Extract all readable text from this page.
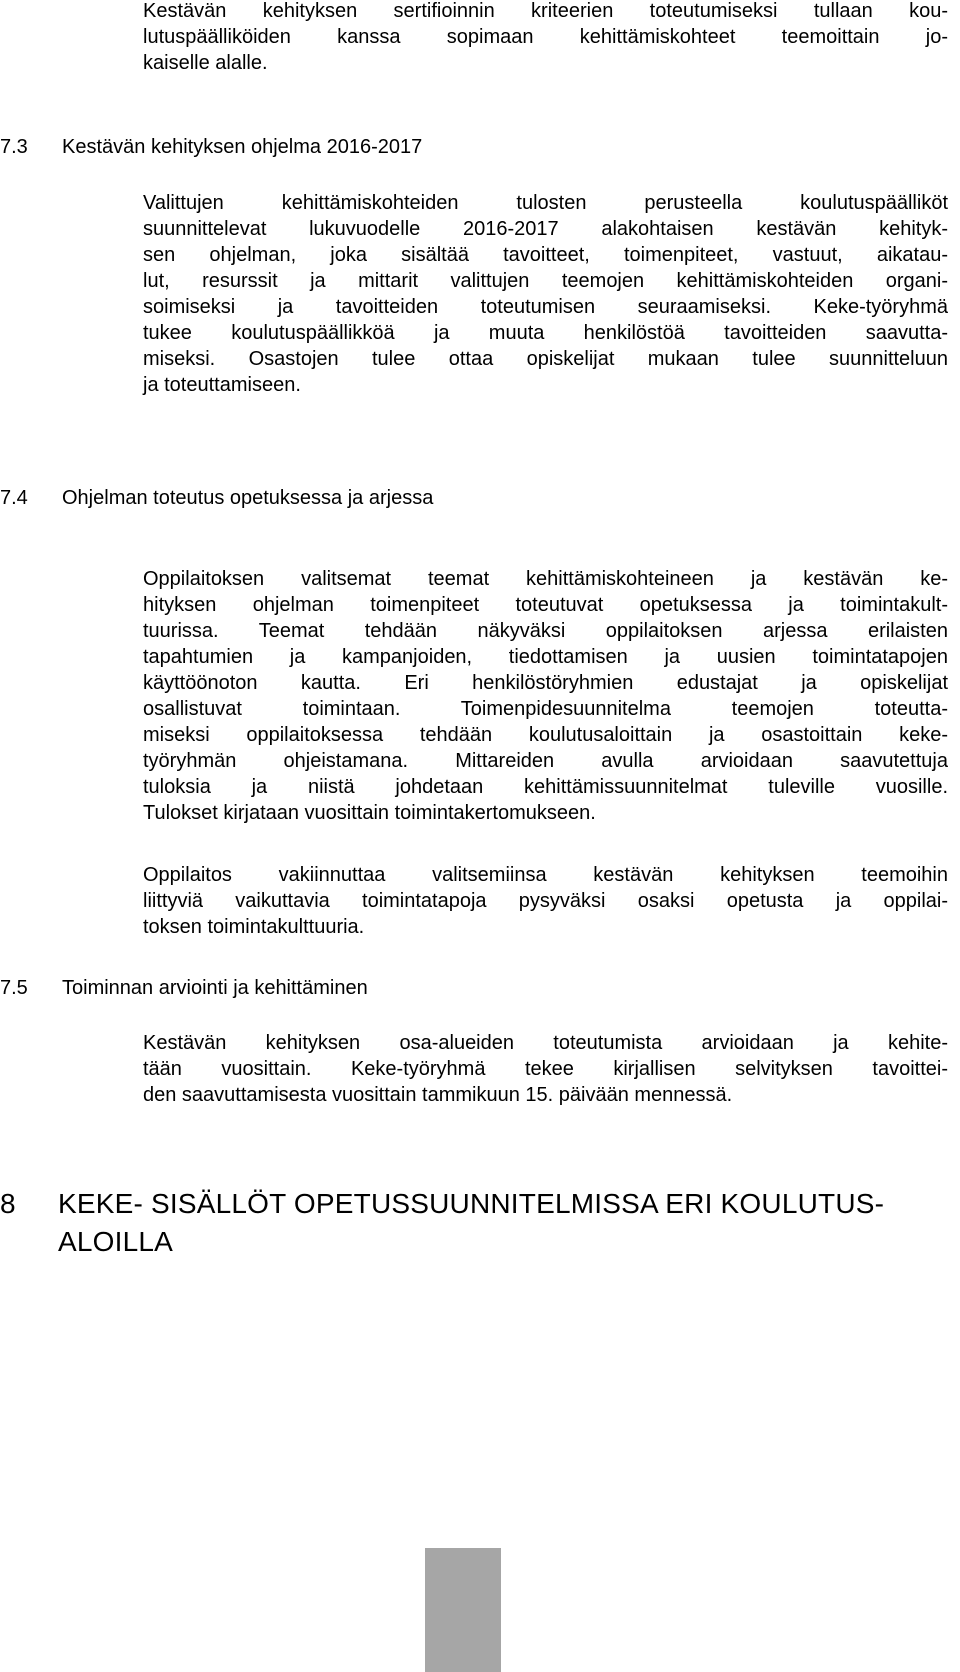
Kestävän kehityksen sertifioinnin kriteerien toteutumiseksi tullaan kou-

lutuspäälliköiden kanssa sopimaan kehittämiskohteet teemoittain jo-

kaiselle alalle.

7.3 Kestävän kehityksen ohjelma 2016-2017

Valittujen kehittämiskohteiden tulosten perusteella koulutuspäälliköt

suunnittelevat lukuvuodelle 2016-2017 alakohtaisen kestävän kehityk-

sen ohjelman, joka sisältää tavoitteet, toimenpiteet, vastuut, aikatau-

lut, resurssit ja mittarit valittujen teemojen kehittämiskohteiden organi-

soimiseksi ja tavoitteiden toteutumisen seuraamiseksi. Keke-työryhmä

tukee koulutuspäällikköä ja muuta henkilöstöä tavoitteiden saavutta-

miseksi. Osastojen tulee ottaa opiskelijat mukaan tulee suunnitteluun

ja toteuttamiseen.

7.4 Ohjelman toteutus opetuksessa ja arjessa

Oppilaitoksen valitsemat teemat kehittämiskohteineen ja kestävän ke-

hityksen ohjelman toimenpiteet toteutuvat opetuksessa ja toimintakult-

tuurissa. Teemat tehdään näkyväksi oppilaitoksen arjessa erilaisten

tapahtumien ja kampanjoiden, tiedottamisen ja uusien toimintatapojen

käyttöönoton kautta. Eri henkilöstöryhmien edustajat ja opiskelijat

osallistuvat toimintaan. Toimenpidesuunnitelma teemojen toteutta-

miseksi oppilaitoksessa tehdään koulutusaloittain ja osastoittain keke-

työryhmän ohjeistamana. Mittareiden avulla arvioidaan saavutettuja

tuloksia ja niistä johdetaan kehittämissuunnitelmat tuleville vuosille.

Tulokset kirjataan vuosittain toimintakertomukseen.

Oppilaitos vakiinnuttaa valitsemiinsa kestävän kehityksen teemoihin

liittyviä vaikuttavia toimintatapoja pysyväksi osaksi opetusta ja oppilai-

toksen toimintakulttuuria.

7.5 Toiminnan arviointi ja kehittäminen

Kestävän kehityksen osa-alueiden toteutumista arvioidaan ja kehite-

tään vuosittain. Keke-työryhmä tekee kirjallisen selvityksen tavoittei-

den saavuttamisesta vuosittain tammikuun 15. päivään mennessä.

8 KEKE- SISÄLLÖT OPETUSSUUNNITELMISSA ERI KOULUTUS-
ALOILLA
